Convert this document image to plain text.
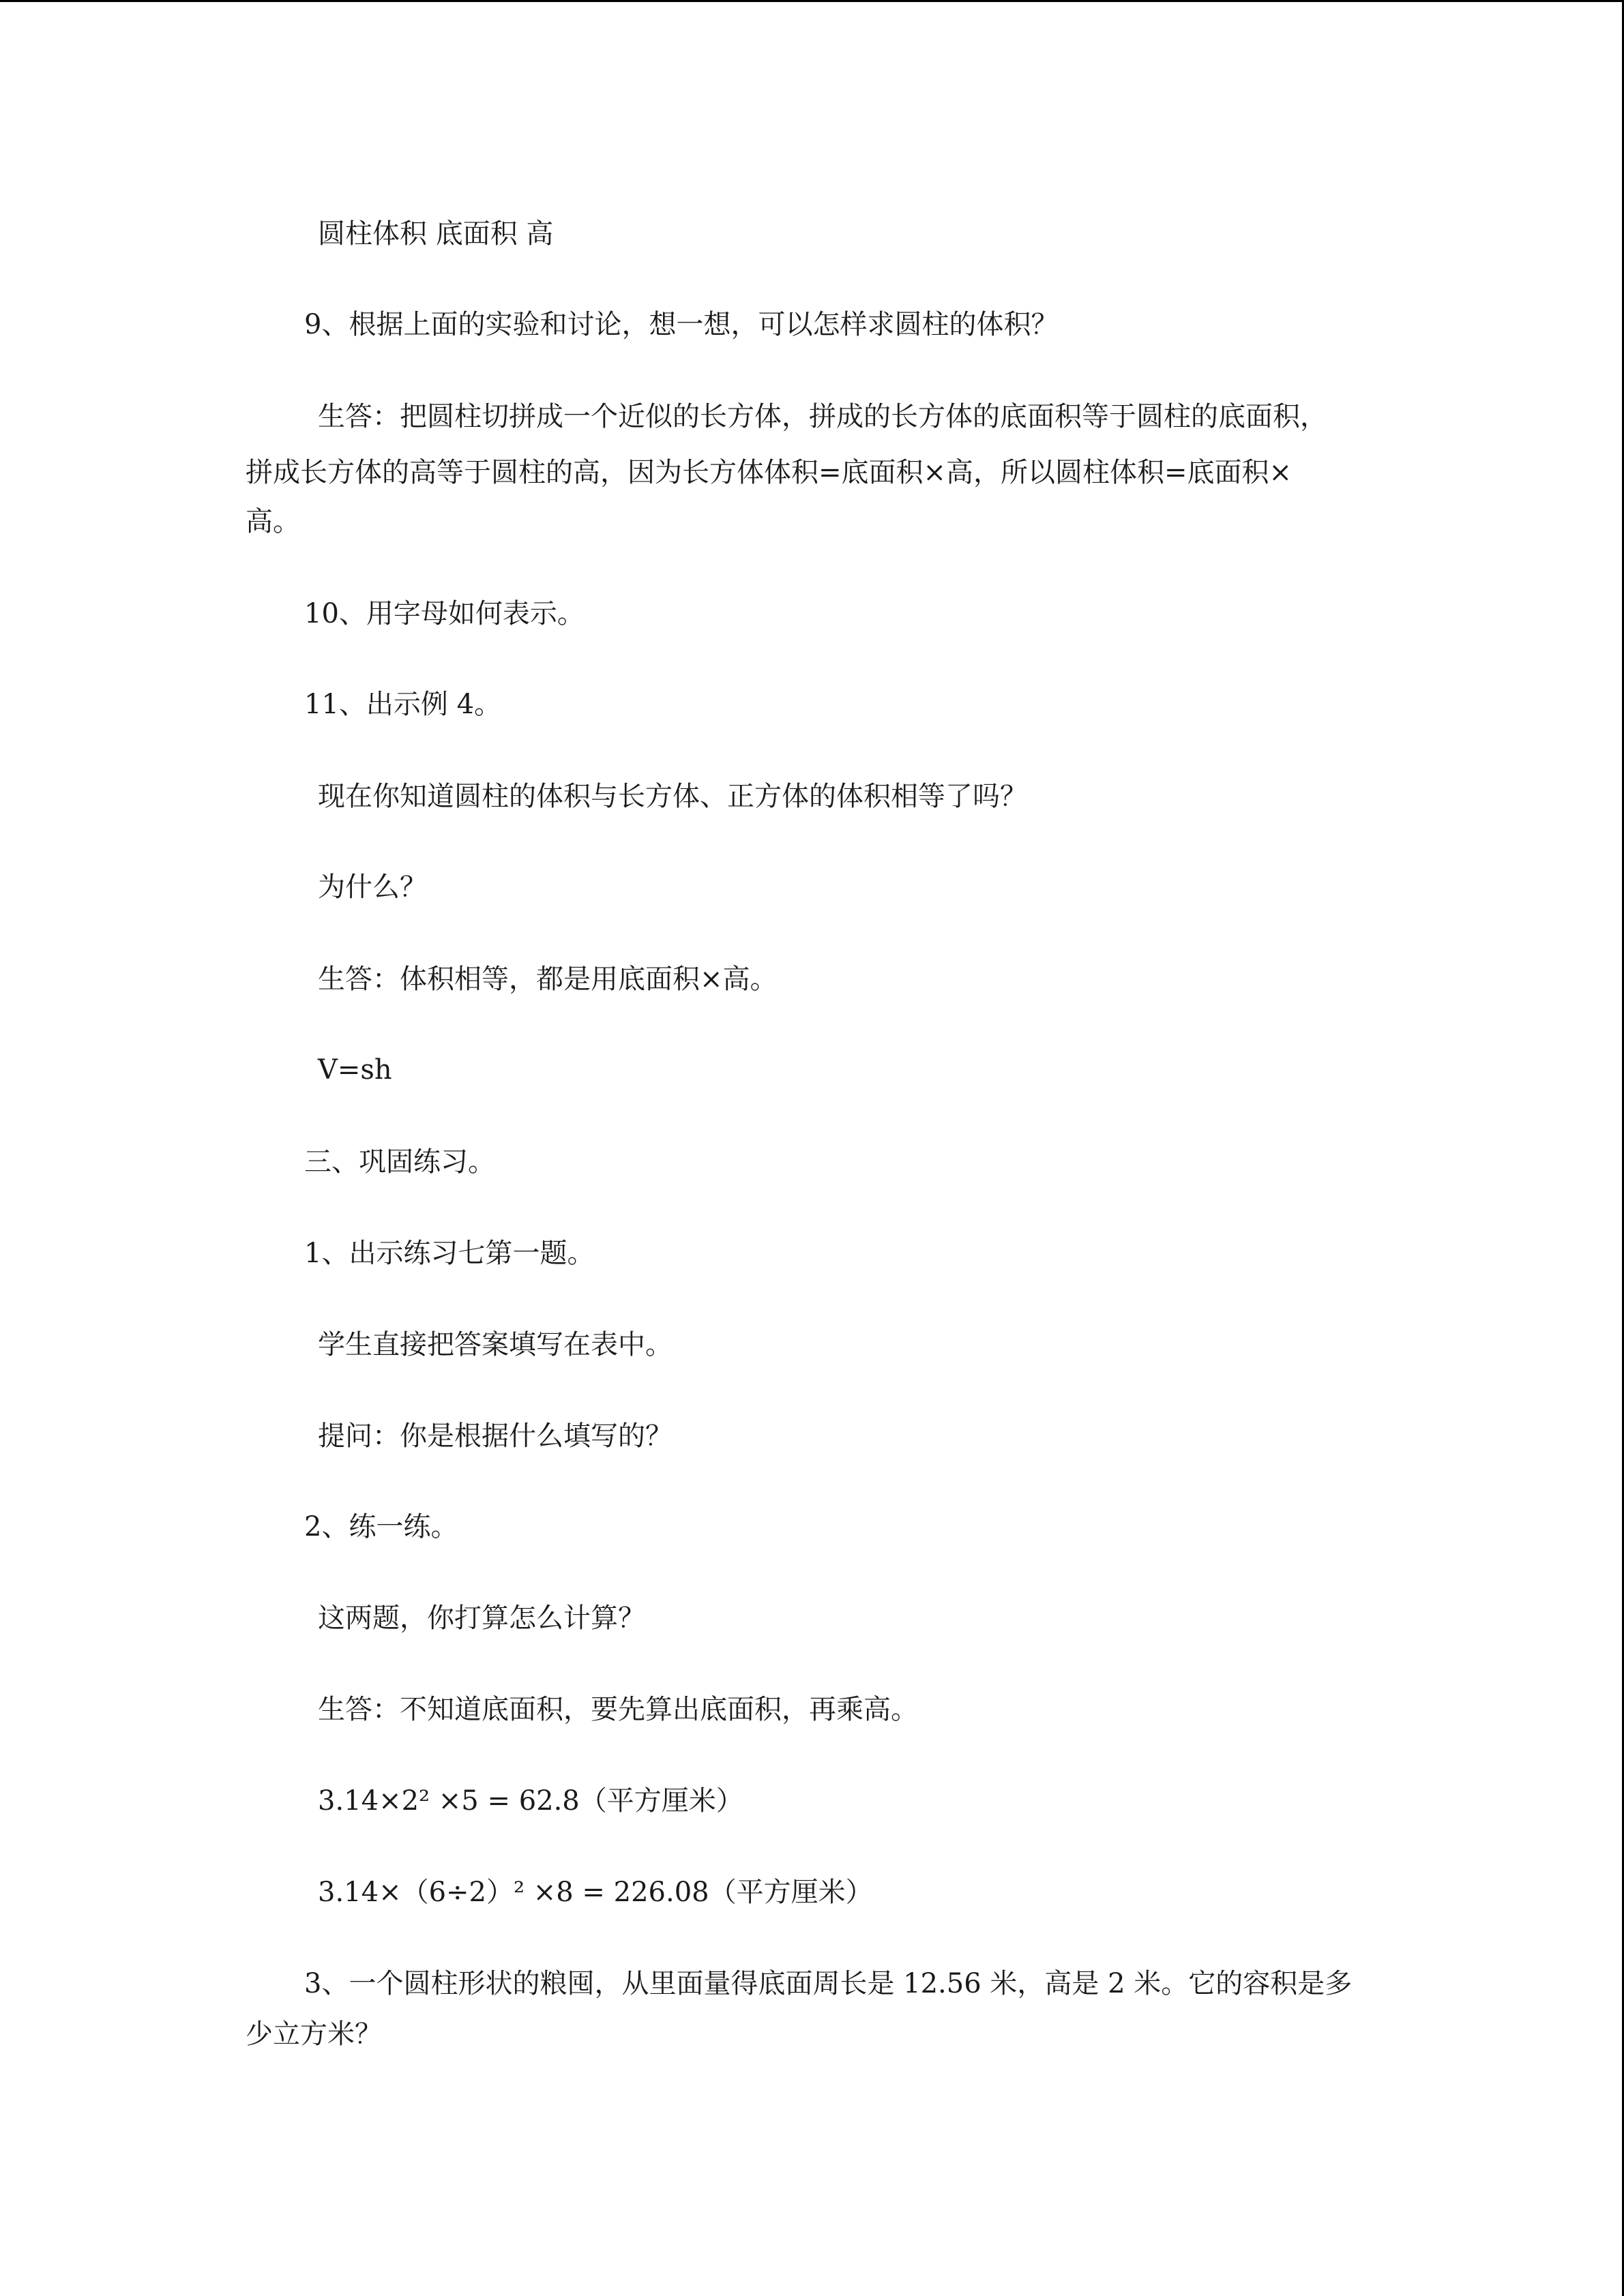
圆柱体积 底面积 高

9、根据上面的实验和讨论，想一想，可以怎样求圆柱的体积？

生答：把圆柱切拼成一个近似的长方体，拼成的长方体的底面积等于圆柱的底面积，

拼成长方体的高等于圆柱的高，因为长方体体积=底面积×高，所以圆柱体积=底面积×

高。

10、用字母如何表示。

11、出示例 4。

现在你知道圆柱的体积与长方体、正方体的体积相等了吗？

为什么？

生答：体积相等，都是用底面积×高。

V=sh

三、巩固练习。

1、出示练习七第一题。

学生直接把答案填写在表中。

提问：你是根据什么填写的？

2、练一练。

这两题，你打算怎么计算？

生答：不知道底面积，要先算出底面积，再乘高。

3.14×2² ×5 = 62.8（平方厘米）

3.14×（6÷2）² ×8 = 226.08（平方厘米）

3、一个圆柱形状的粮囤，从里面量得底面周长是 12.56 米，高是 2 米。它的容积是多

少立方米？
